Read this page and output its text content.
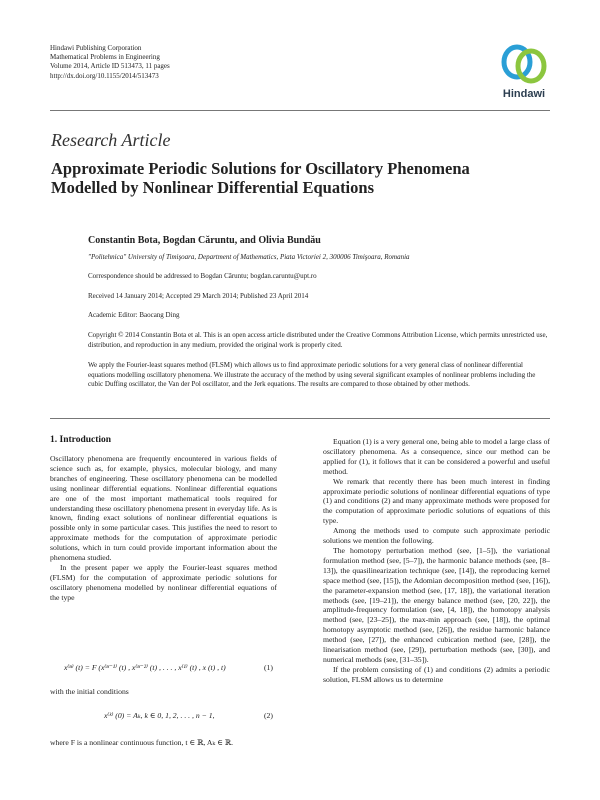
Hindawi Publishing Corporation
Mathematical Problems in Engineering
Volume 2014, Article ID 513473, 11 pages
http://dx.doi.org/10.1155/2014/513473
Hindawi
Research Article
Approximate Periodic Solutions for Oscillatory Phenomena
Modelled by Nonlinear Differential Equations
Constantin Bota, Bogdan Căruntu, and Olivia Bundău
"Politehnica" University of Timişoara, Department of Mathematics, Piata Victoriei 2, 300006 Timişoara, Romania
Correspondence should be addressed to Bogdan Căruntu; bogdan.caruntu@upt.ro
Received 14 January 2014; Accepted 29 March 2014; Published 23 April 2014
Academic Editor: Baocang Ding
Copyright © 2014 Constantin Bota et al. This is an open access article distributed under the Creative Commons Attribution License, which permits unrestricted use, distribution, and reproduction in any medium, provided the original work is properly cited.
We apply the Fourier-least squares method (FLSM) which allows us to find approximate periodic solutions for a very general class of nonlinear differential equations modelling oscillatory phenomena. We illustrate the accuracy of the method by using several significant examples of nonlinear problems including the cubic Duffing oscillator, the Van der Pol oscillator, and the Jerk equations. The results are compared to those obtained by other methods.
1. Introduction

Oscillatory phenomena are frequently encountered in various fields of science such as, for example, physics, molecular biology, and many branches of engineering. These oscillatory phenomena can be modelled using nonlinear differential equations. Nonlinear differential equations are one of the most important mathematical tools required for understanding these oscillatory phenomena present in everyday life. As is known, finding exact solutions of nonlinear differential equations is possible only in some particular cases. This justifies the need to resort to approximate methods for the computation of approximate periodic solutions, which in turn could provide important information about the phenomena studied.

In the present paper we apply the Fourier-least squares method (FLSM) for the computation of approximate periodic solutions for oscillatory phenomena modelled by nonlinear differential equations of the type

x⁽ⁿ⁾ (t) = F (x⁽ⁿ⁻¹⁾ (t) , x⁽ⁿ⁻²⁾ (t) , . . . , x⁽¹⁾ (t) , x (t) , t)	(1)

with the initial conditions

x⁽ᵏ⁾ (0) = Aₖ, k ∈ 0, 1, 2, . . . , n − 1,	(2)

where F is a nonlinear continuous function, t ∈ ℝ, Aₖ ∈ ℝ.

Equation (1) is a very general one, being able to model a large class of oscillatory phenomena. As a consequence, since our method can be applied for (1), it follows that it can be considered a powerful and useful method.

We remark that recently there has been much interest in finding approximate periodic solutions of nonlinear differential equations of type (1) and conditions (2) and many approximate methods were proposed for the computation of approximate periodic solutions of equations of this type.

Among the methods used to compute such approximate periodic solutions we mention the following.

The homotopy perturbation method (see, [1–5]), the variational formulation method (see, [5–7]), the harmonic balance methods (see, [8–13]), the quasilinearization technique (see, [14]), the reproducing kernel space method (see, [15]), the Adomian decomposition method (see, [16]), the parameter-expansion method (see, [17, 18]), the variational iteration methods (see, [19–21]), the energy balance method (see, [20, 22]), the amplitude-frequency formulation (see, [4, 18]), the homotopy analysis method (see, [23–25]), the max-min approach (see, [18]), the optimal homotopy asymptotic method (see, [26]), the residue harmonic balance method (see, [27]), the enhanced cubication method (see, [28]), the linearisation method (see, [29]), perturbation methods (see, [30]), and numerical methods (see, [31–35]).

If the problem consisting of (1) and conditions (2) admits a periodic solution, FLSM allows us to determine
